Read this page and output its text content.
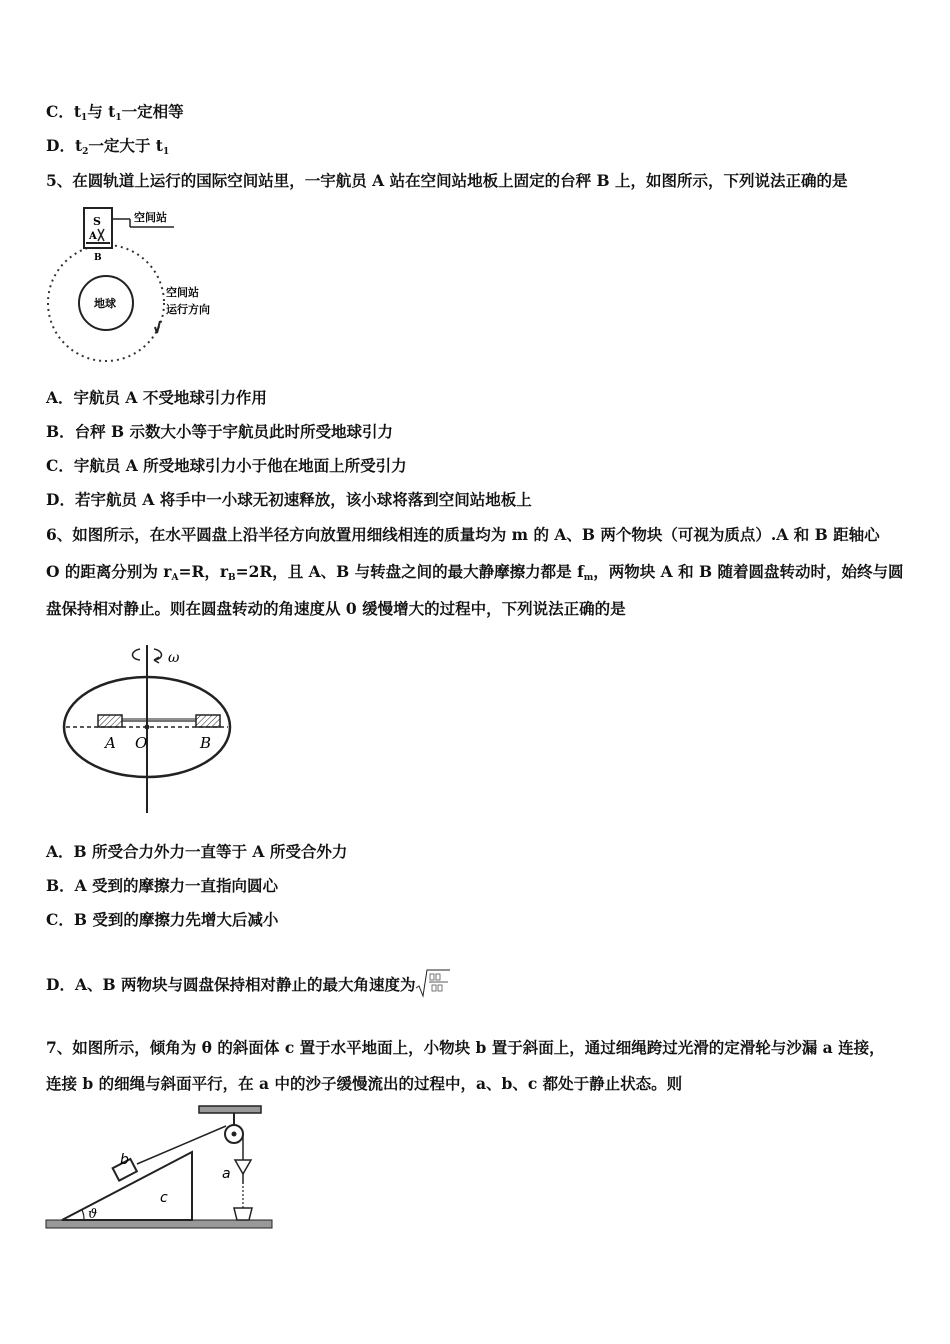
C．$t_1$与 $t_1$一定相等
D．$t_2$一定大于 $t_1$
5、在圆轨道上运行的国际空间站里，一宇航员 A 站在空间站地板上固定的台秤 B 上，如图所示，下列说法正确的是
地球
S
A
B
空间站
空间站
运行方向
A．宇航员 A 不受地球引力作用
B．台秤 B 示数大小等于宇航员此时所受地球引力
C．宇航员 A 所受地球引力小于他在地面上所受引力
D．若宇航员 A 将手中一小球无初速释放，该小球将落到空间站地板上
6、如图所示，在水平圆盘上沿半径方向放置用细线相连的质量均为 m 的 A、B 两个物块（可视为质点）.A 和 B 距轴心
O 的距离分别为 $r_A=R$，$r_B=2R$，且 A、B 与转盘之间的最大静摩擦力都是 $f_m$，两物块 A 和 B 随着圆盘转动时，始终与圆
盘保持相对静止。则在圆盘转动的角速度从 0 缓慢增大的过程中，下列说法正确的是
ω
A O	B
A．B 所受合力外力一直等于 A 所受合外力
B．A 受到的摩擦力一直指向圆心
C．B 受到的摩擦力先增大后减小
D．A、B 两物块与圆盘保持相对静止的最大角速度为
7、如图所示，倾角为 θ 的斜面体 c 置于水平地面上，小物块 b 置于斜面上，通过细绳跨过光滑的定滑轮与沙漏 a 连接，
连接 b 的细绳与斜面平行，在 a 中的沙子缓慢流出的过程中，a、b、c 都处于静止状态。则
c
ϑ
b
a
